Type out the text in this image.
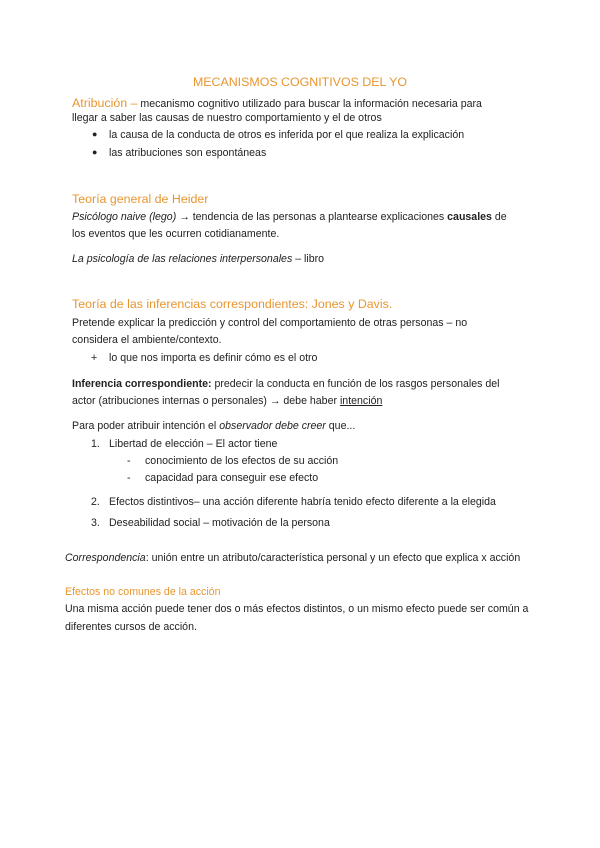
MECANISMOS COGNITIVOS DEL YO
Atribución – mecanismo cognitivo utilizado para buscar la información necesaria para
llegar a saber las causas de nuestro comportamiento y el de otros
● la causa de la conducta de otros es inferida por el que realiza la explicación
● las atribuciones son espontáneas
Teoría general de Heider
Psicólogo naive (lego) → tendencia de las personas a plantearse explicaciones causales de
los eventos que les ocurren cotidianamente.
La psicología de las relaciones interpersonales – libro
Teoría de las inferencias correspondientes: Jones y Davis.
Pretende explicar la predicción y control del comportamiento de otras personas – no
considera el ambiente/contexto.
+ lo que nos importa es definir cómo es el otro
Inferencia correspondiente: predecir la conducta en función de los rasgos personales del
actor (atribuciones internas o personales) → debe haber intención
Para poder atribuir intención el observador debe creer que...
1. Libertad de elección – El actor tiene
- conocimiento de los efectos de su acción
- capacidad para conseguir ese efecto
2. Efectos distintivos– una acción diferente habría tenido efecto diferente a la elegida
3. Deseabilidad social – motivación de la persona
Correspondencia: unión entre un atributo/característica personal y un efecto que explica x acción
Efectos no comunes de la acción
Una misma acción puede tener dos o más efectos distintos, o un mismo efecto puede ser común a
diferentes cursos de acción.
